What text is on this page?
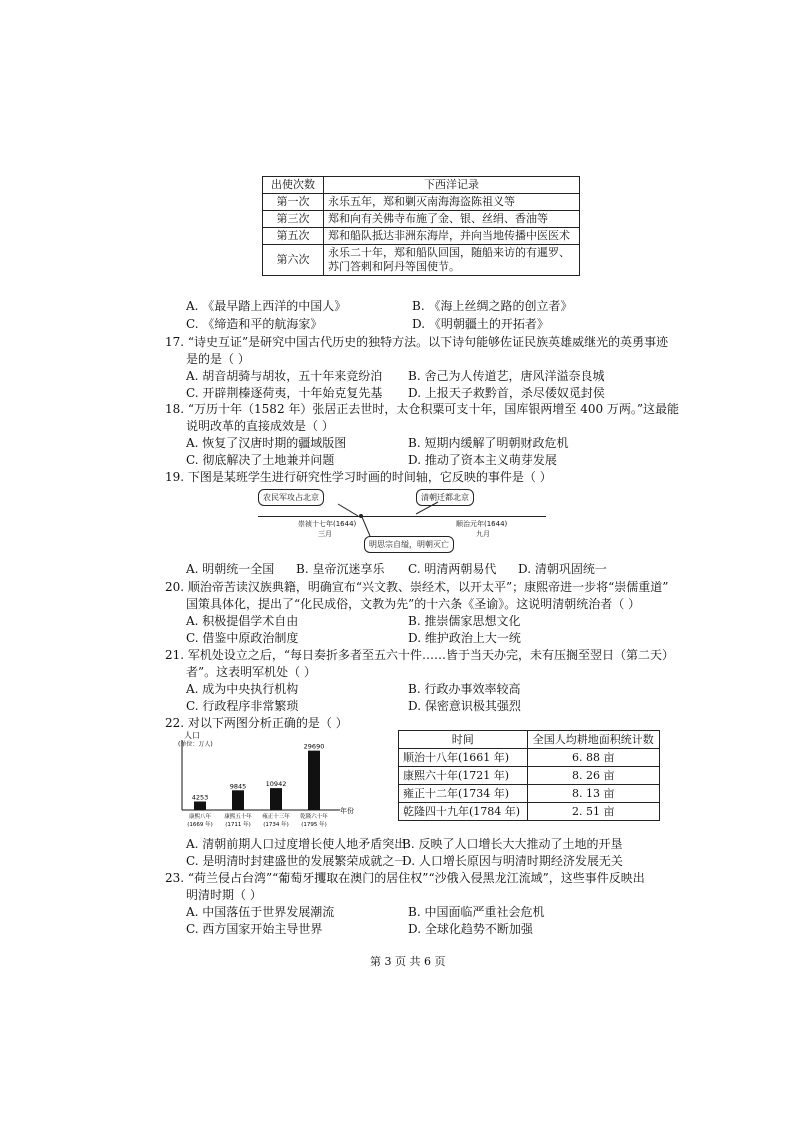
出使次数	下西洋记录
第一次	永乐五年，郑和剿灭南海海盗陈祖义等
第三次	郑和向有关佛寺布施了金、银、丝绢、香油等
第五次	郑和船队抵达非洲东海岸，并向当地传播中医医术
第六次	永乐二十年，郑和船队回国，随船来访的有暹罗、
苏门答剌和阿丹等国使节。
A. 《最早踏上西洋的中国人》	B. 《海上丝绸之路的创立者》
C. 《缔造和平的航海家》	D. 《明朝疆土的开拓者》
17. “诗史互证”是研究中国古代历史的独特方法。以下诗句能够佐证民族英雄威继光的英勇事迹
是的是（ ）
A. 胡音胡骑与胡妆，五十年来竞纷泊 B. 舍己为人传道艺，唐风洋溢奈良城
C. 开辟荆榛逐荷夷，十年始克复先基 D. 上报天子救黔首，杀尽倭奴觅封侯
18. “万历十年（1582 年）张居正去世时，太仓积粟可支十年，国库银两增至 400 万两。”这最能
说明改革的直接成效是（ ）
A. 恢复了汉唐时期的疆域版图	B. 短期内缓解了明朝财政危机
C. 彻底解决了土地兼并问题	D. 推动了资本主义萌芽发展
19. 下图是某班学生进行研究性学习时画的时间轴，它反映的事件是（ ）
农民军攻占北京	清朝迁都北京
明思宗自缢，明朝灭亡
崇祯十七年(1644)
三月
顺治元年(1644)
九月
A. 明朝统一全国 B. 皇帝沉迷享乐 C. 明清两朝易代 D. 清朝巩固统一
20. 顺治帝苦读汉族典籍，明确宣布“兴文教、崇经术，以开太平”；康熙帝进一步将“崇儒重道”
国策具体化，提出了“化民成俗，文教为先”的十六条《圣谕》。这说明清朝统治者（ ）
A. 积极提倡学术自由	B. 推崇儒家思想文化
C. 借鉴中原政治制度	D. 维护政治上大一统
21. 军机处设立之后，“每日奏折多者至五六十件……皆于当天办完，未有压搁至翌日（第二天）
者”。这表明军机处（ ）
A. 成为中央执行机构	B. 行政办事效率较高
C. 行政程序非常繁琐	D. 保密意识极其强烈
22. 对以下两图分析正确的是（ ）
人口
(单位：万人)
年份
4253
康熙八年
(1669 年)
9845
康熙五十年
(1711 年)
10942
雍正十三年
(1734 年)
29690
乾隆六十年
(1795 年)
时间	全国人均耕地面积统计数
顺治十八年(1661 年)	6. 88 亩
康熙六十年(1721 年)	8. 26 亩
雍正十二年(1734 年)	8. 13 亩
乾隆四十九年(1784 年)	2. 51 亩
A. 清朝前期人口过度增长使人地矛盾突出
B. 反映了人口增长大大推动了土地的开垦
C. 是明清时封建盛世的发展繁荣成就之一
D. 人口增长原因与明清时期经济发展无关
23. “荷兰侵占台湾”“葡萄牙攫取在澳门的居住权”“沙俄入侵黑龙江流域”，这些事件反映出
明清时期（ ）
A. 中国落伍于世界发展潮流	B. 中国面临严重社会危机
C. 西方国家开始主导世界	D. 全球化趋势不断加强
第 3 页 共 6 页
